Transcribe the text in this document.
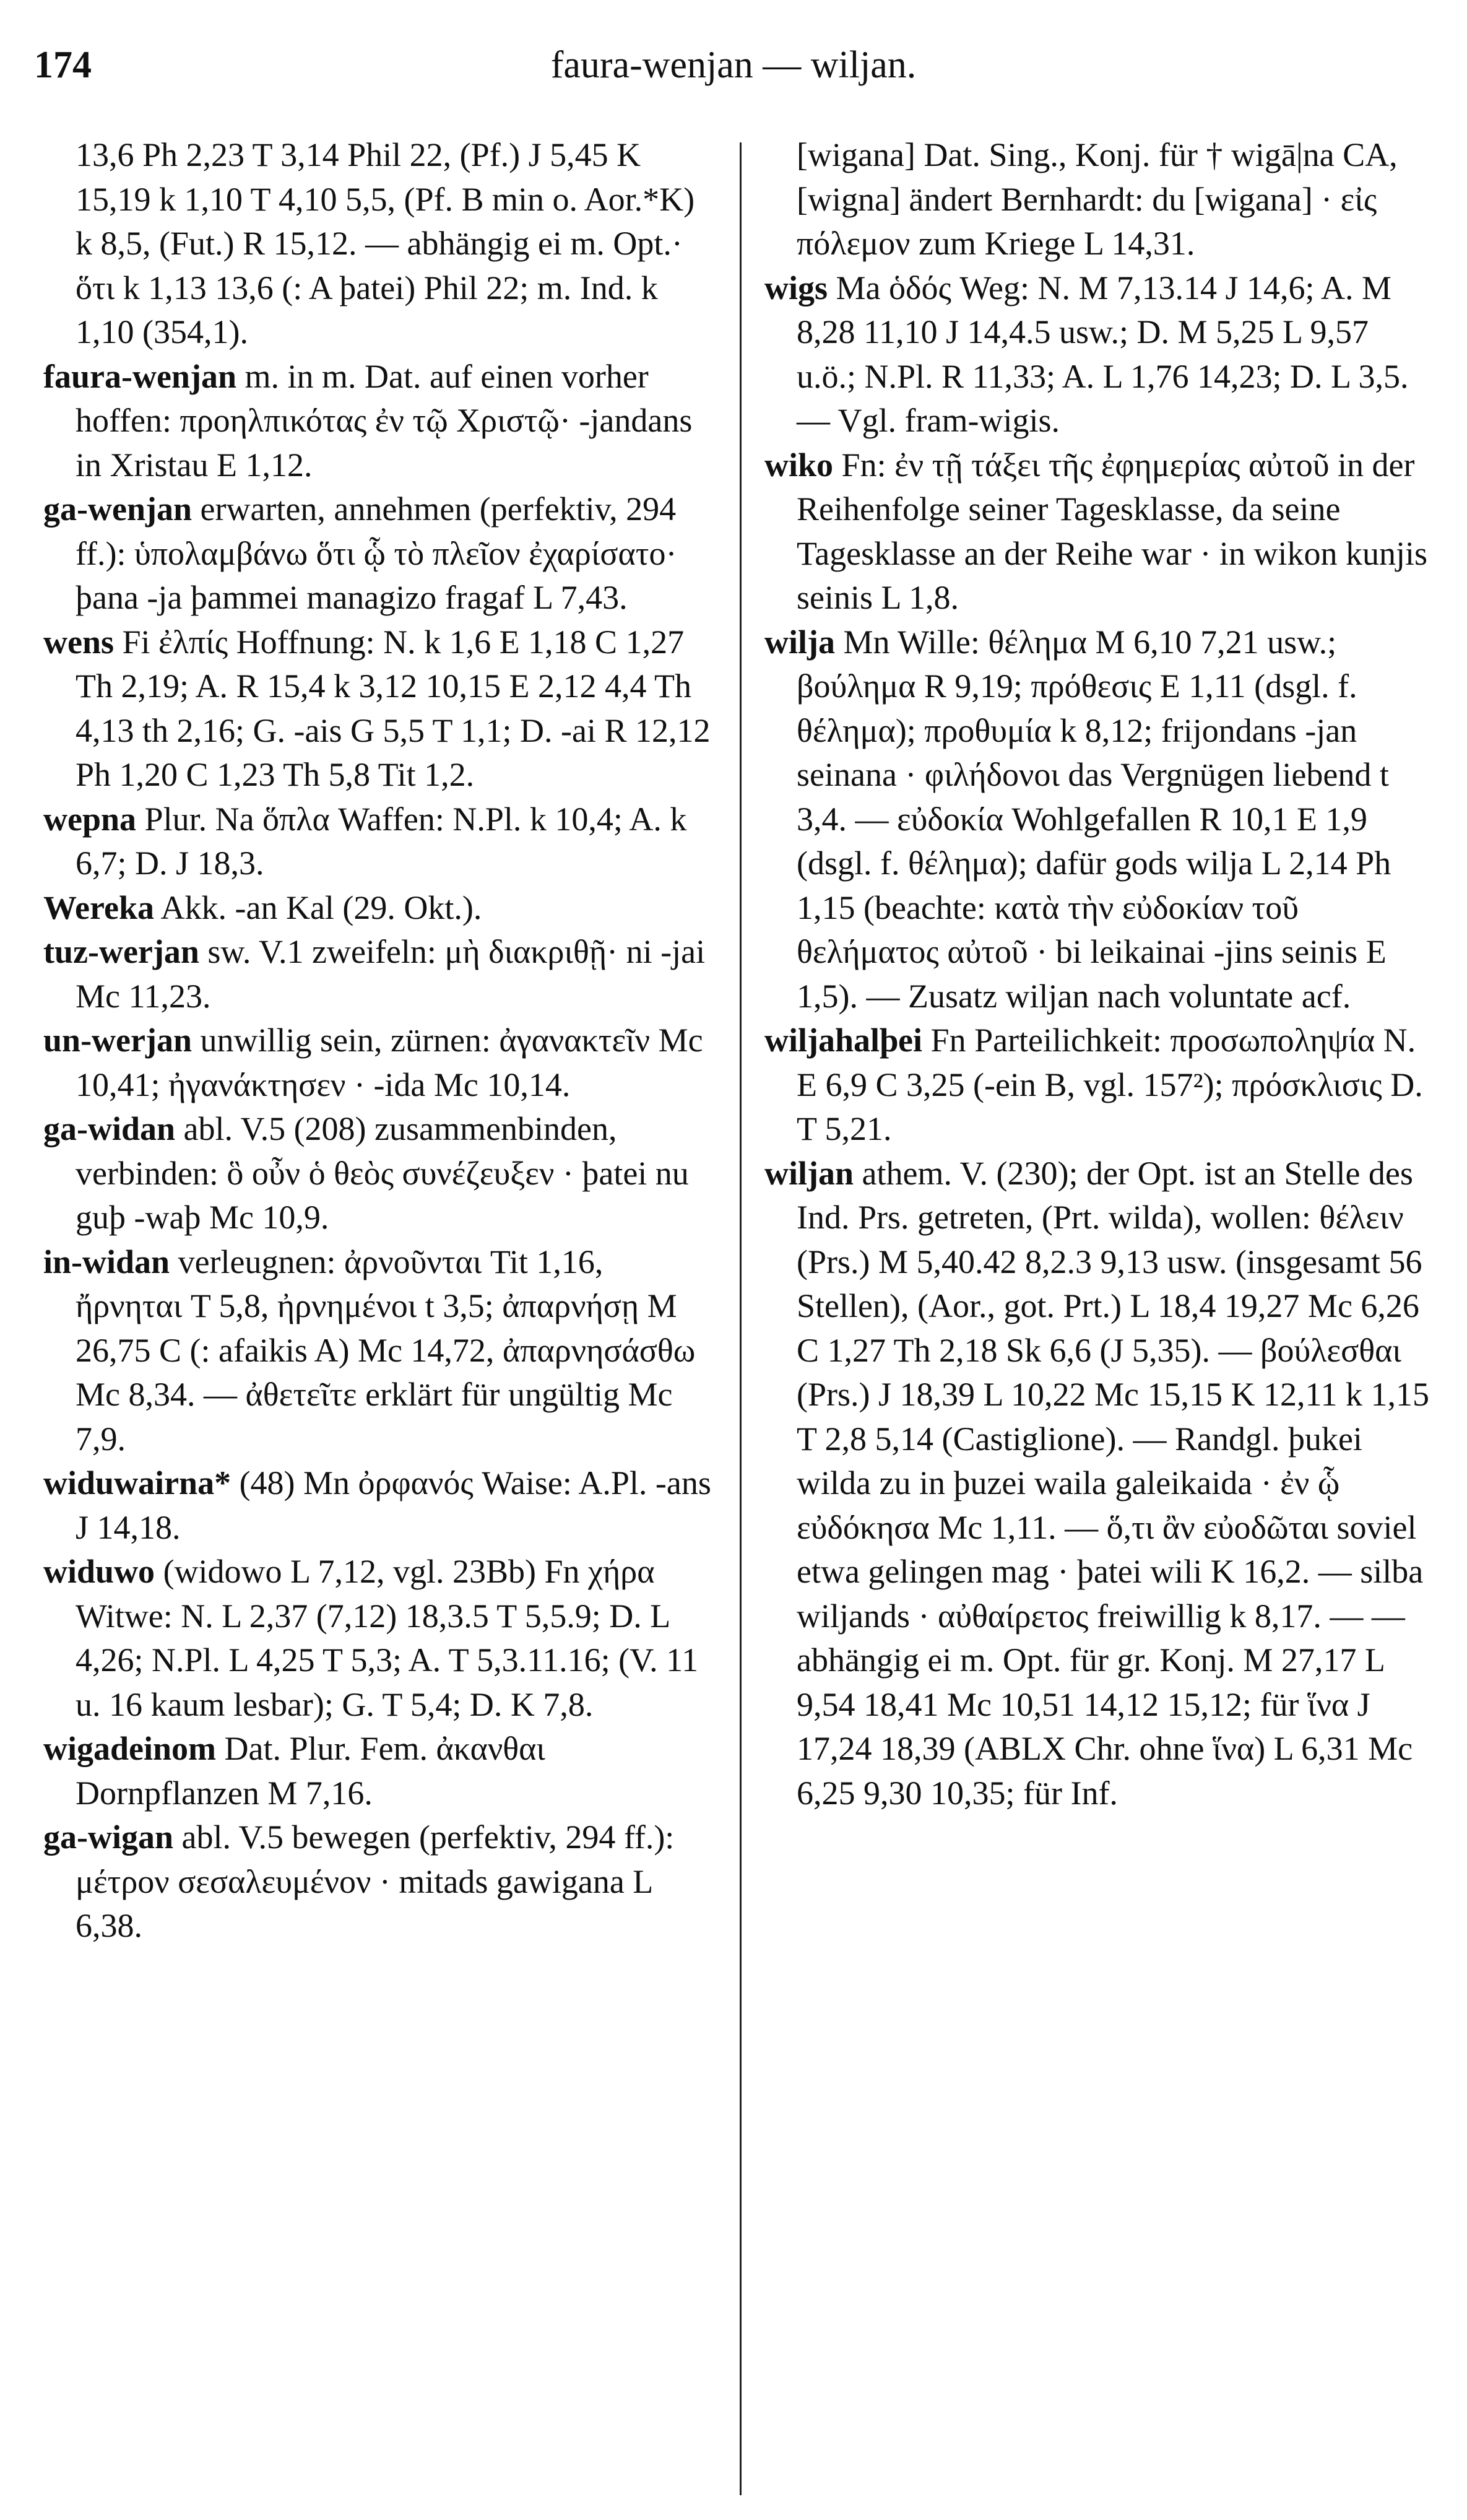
174	faura-wenjan — wiljan.

13,6 Ph 2,23 T 3,14 Phil 22, (Pf.) J 5,45 K 15,19 k 1,10 T 4,10 5,5, (Pf. B min o. Aor.*K) k 8,5, (Fut.) R 15,12. — abhängig ei m. Opt.· ὅτι k 1,13 13,6 (: A þatei) Phil 22; m. Ind. k 1,10 (354,1).

faura-wenjan m. in m. Dat. auf einen vorher hoffen: προηλπικότας ἐν τῷ Χριστῷ· -jandans in Xristau E 1,12.

ga-wenjan erwarten, annehmen (perfektiv, 294 ff.): ὑπολαμβάνω ὅτι ᾧ τὸ πλεῖον ἐχαρίσατο· þana -ja þammei managizo fragaf L 7,43.

wens Fi ἐλπίς Hoffnung: N. k 1,6 E 1,18 C 1,27 Th 2,19; A. R 15,4 k 3,12 10,15 E 2,12 4,4 Th 4,13 th 2,16; G. -ais G 5,5 T 1,1; D. -ai R 12,12 Ph 1,20 C 1,23 Th 5,8 Tit 1,2.

wepna Plur. Na ὅπλα Waffen: N.Pl. k 10,4; A. k 6,7; D. J 18,3.

Wereka Akk. -an Kal (29. Okt.).

tuz-werjan sw. V.1 zweifeln: μὴ διακριθῇ· ni -jai Mc 11,23.

un-werjan unwillig sein, zürnen: ἀγανακτεῖν Mc 10,41; ἠγανάκτησεν · -ida Mc 10,14.

ga-widan abl. V.5 (208) zusammenbinden, verbinden: ὃ οὖν ὁ θεὸς συνέζευξεν · þatei nu guþ -waþ Mc 10,9.

in-widan verleugnen: ἀρνοῦνται Tit 1,16, ἤρνηται T 5,8, ἠρνημένοι t 3,5; ἀπαρνήσῃ M 26,75 C (: afaikis A) Mc 14,72, ἀπαρνησάσθω Mc 8,34. — ἀθετεῖτε erklärt für ungültig Mc 7,9.

widuwairna* (48) Mn ὀρφανός Waise: A.Pl. -ans J 14,18.

widuwo (widowo L 7,12, vgl. 23Bb) Fn χήρα Witwe: N. L 2,37 (7,12) 18,3.5 T 5,5.9; D. L 4,26; N.Pl. L 4,25 T 5,3; A. T 5,3.11.16; (V. 11 u. 16 kaum lesbar); G. T 5,4; D. K 7,8.

wigadeinom Dat. Plur. Fem. ἀκανθαι Dornpflanzen M 7,16.

ga-wigan abl. V.5 bewegen (perfektiv, 294 ff.): μέτρον σεσαλευμένον · mitads gawigana L 6,38.

[wigana] Dat. Sing., Konj. für † wigā|na CA, [wigna] ändert Bernhardt: du [wigana] · εἰς πόλεμον zum Kriege L 14,31.

wigs Ma ὁδός Weg: N. M 7,13.14 J 14,6; A. M 8,28 11,10 J 14,4.5 usw.; D. M 5,25 L 9,57 u.ö.; N.Pl. R 11,33; A. L 1,76 14,23; D. L 3,5. — Vgl. fram-wigis.

wiko Fn: ἐν τῇ τάξει τῆς ἐφημερίας αὐτοῦ in der Reihenfolge seiner Tagesklasse, da seine Tagesklasse an der Reihe war · in wikon kunjis seinis L 1,8.

wilja Mn Wille: θέλημα M 6,10 7,21 usw.; βούλημα R 9,19; πρόθεσις E 1,11 (dsgl. f. θέλημα); προθυμία k 8,12; frijondans -jan seinana · φιλήδονοι das Vergnügen liebend t 3,4. — εὐδοκία Wohlgefallen R 10,1 E 1,9 (dsgl. f. θέλημα); dafür gods wilja L 2,14 Ph 1,15 (beachte: κατὰ τὴν εὐδοκίαν τοῦ θελήματος αὐτοῦ · bi leikainai -jins seinis E 1,5). — Zusatz wiljan nach voluntate acf.

wiljahalþei Fn Parteilichkeit: προσωποληψία N. E 6,9 C 3,25 (-ein B, vgl. 157²); πρόσκλισις D. T 5,21.

wiljan athem. V. (230); der Opt. ist an Stelle des Ind. Prs. getreten, (Prt. wilda), wollen: θέλειν (Prs.) M 5,40.42 8,2.3 9,13 usw. (insgesamt 56 Stellen), (Aor., got. Prt.) L 18,4 19,27 Mc 6,26 C 1,27 Th 2,18 Sk 6,6 (J 5,35). — βούλεσθαι (Prs.) J 18,39 L 10,22 Mc 15,15 K 12,11 k 1,15 T 2,8 5,14 (Castiglione). — Randgl. þukei wilda zu in þuzei waila galeikaida · ἐν ᾧ εὐδόκησα Mc 1,11. — ὅ,τι ἂν εὐοδῶται soviel etwa gelingen mag · þatei wili K 16,2. — silba wiljands · αὐθαίρετος freiwillig k 8,17. — — abhängig ei m. Opt. für gr. Konj. M 27,17 L 9,54 18,41 Mc 10,51 14,12 15,12; für ἵνα J 17,24 18,39 (ABLX Chr. ohne ἵνα) L 6,31 Mc 6,25 9,30 10,35; für Inf.
